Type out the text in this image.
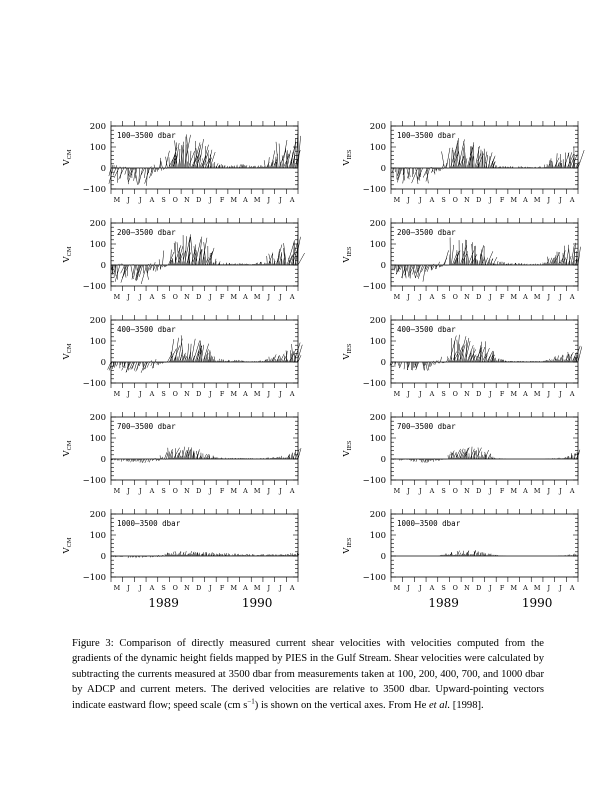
200
100
0
−100
M J J A S O N D J F M A M J J A
100–3500 dbar
$V_{CM}$
200
100
0
−100
M J J A S O N D J F M A M J J A
100–3500 dbar
$V_{IES}$
200
100
0
−100
M J J A S O N D J F M A M J J A
200–3500 dbar
$V_{CM}$
200
100
0
−100
M J J A S O N D J F M A M J J A
200–3500 dbar
$V_{IES}$
200
100
0
−100
M J J A S O N D J F M A M J J A
400–3500 dbar
$V_{CM}$
200
100
0
−100
M J J A S O N D J F M A M J J A
400–3500 dbar
$V_{IES}$
200
100
0
−100
M J J A S O N D J F M A M J J A
700–3500 dbar
$V_{CM}$
200
100
0
−100
M J J A S O N D J F M A M J J A
700–3500 dbar
$V_{IES}$
200
100
0
−100
M J J A S O N D J F M A M J J A
1000–3500 dbar
$V_{CM}$
1989	1990
200
100
0
−100
M J J A S O N D J F M A M J J A
1000–3500 dbar
$V_{IES}$
1989	1990

Figure 3: Comparison of directly measured current shear velocities with velocities computed from the gradients of the dynamic height fields mapped by PIES in the Gulf Stream. Shear velocities were calculated by subtracting the currents measured at 3500 dbar from measurements taken at 100, 200, 400, 700, and 1000 dbar by ADCP and current meters. The derived velocities are relative to 3500 dbar. Upward-pointing vectors indicate eastward flow; speed scale (cm $s^{-1}$) is shown on the vertical axes. From He et al. [1998].
